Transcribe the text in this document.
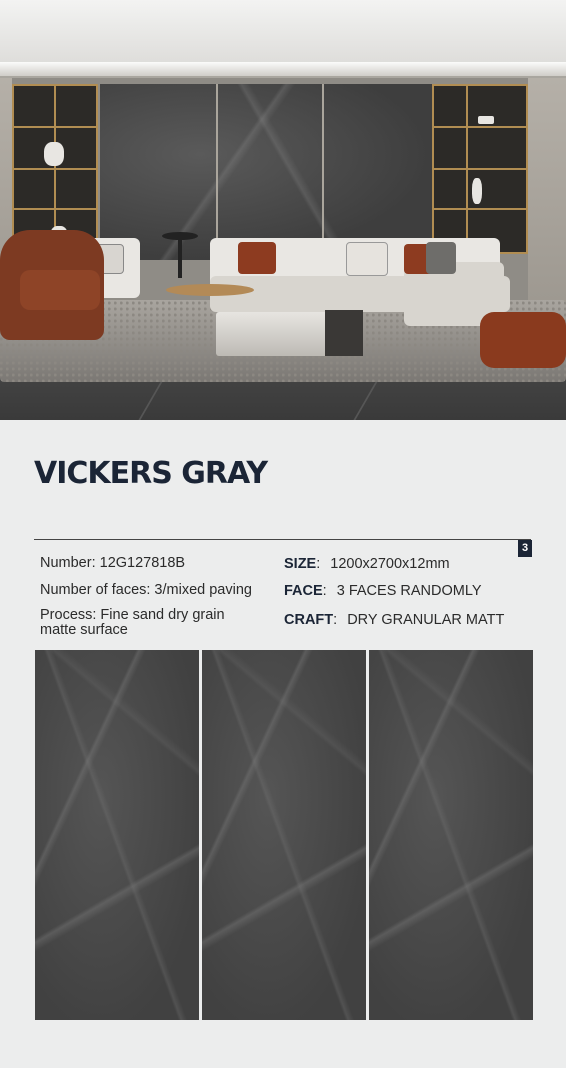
VICKERS GRAY
3
Number: 12G127818B
Number of faces: 3/mixed paving
Process: Fine sand dry grain
matte surface
SIZE: 1200x2700x12mm
FACE: 3 FACES RANDOMLY
CRAFT: DRY GRANULAR MATT
